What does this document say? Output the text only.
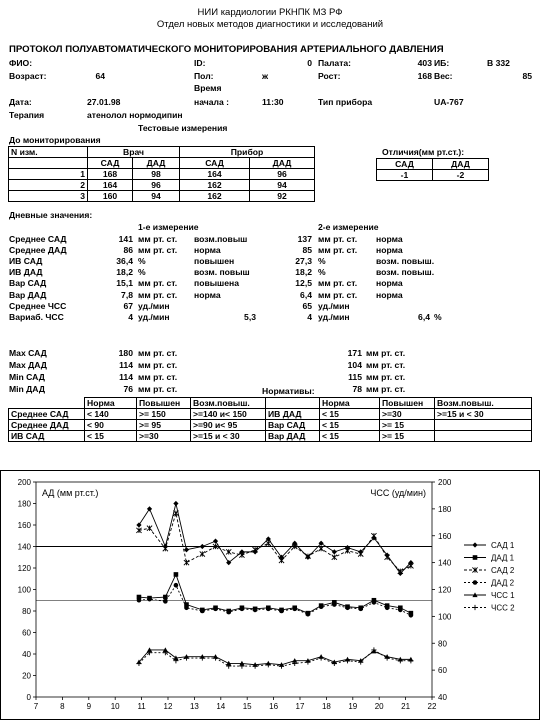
НИИ кардиологии РКНПК МЗ РФ
Отдел новых методов диагностики и исследований
ПРОТОКОЛ ПОЛУАВТОМАТИЧЕСКОГО МОНИТОРИРОВАНИЯ АРТЕРИАЛЬНОГО ДАВЛЕНИЯ
ФИО:	ID:	0 Палата:	403 ИБ:	В 332
Возраст:	64	Пол:	ж	Рост:	168 Вес:	85
Время
Дата:	27.01.98	начала :	11:30	Тип прибора	UA-767
Терапия	атенолол нормодипин
Тестовые измерения
До мониторирования
N изм.	Врач		Прибор	
	САД	ДАД	САД	ДАД
1	168	98	164	96
2	164	96	162	94
3	160	94	162	92
Отличия(мм рт.ст.):
САД	ДАД
-1	-2
Дневные значения:
1-е измерение	2-е измерение
Среднее САД	141 мм рт. ст.	возм.повыш	137 мм рт. ст.	норма
Среднее ДАД	86 мм рт. ст.	норма	85 мм рт. ст.	норма
ИВ САД	36,4 %	повышен	27,3 %	возм. повыш.
ИВ ДАД	18,2 %	возм. повыш	18,2 %	возм. повыш.
Вар САД	15,1 мм рт. ст.	повышена	12,5 мм рт. ст.	норма
Вар ДАД	7,8 мм рт. ст.	норма	6,4 мм рт. ст.	норма
Среднее ЧСС	67 уд./мин	65 уд./мин
Вариаб. ЧСС	4 уд./мин	5,3	4 уд./мин	6,4 %
Max САД	180 мм рт. ст.	171 мм рт. ст.
Max ДАД	114 мм рт. ст.	104 мм рт. ст.
Min САД	114 мм рт. ст.	115 мм рт. ст.
Min ДАД	76 мм рт. ст.	78 мм рт. ст.
Нормативы:
	Норма	Повышен	Возм.повыш.		Норма	Повышен	Возм.повыш.
Среднее САД	< 140	>= 150	>=140 и< 150	ИВ ДАД	< 15	>=30	>=15 и < 30
Среднее ДАД	< 90	>= 95	>=90 и< 95	Вар САД	< 15	>= 15	
ИВ САД	< 15	>=30	>=15 и < 30	Вар ДАД	< 15	>= 15	
АД (мм рт.ст.)	ЧСС (уд/мин)
0
20
40
60
80
100
120
140
160
180
200
40
60
80
100
120
140
160
180
200
7	8	9 10 11 12 13 14 15 16 17 18 19 20 21 22
САД 1
ДАД 1
САД 2
ДАД 2
ЧСС 1
ЧСС 2
